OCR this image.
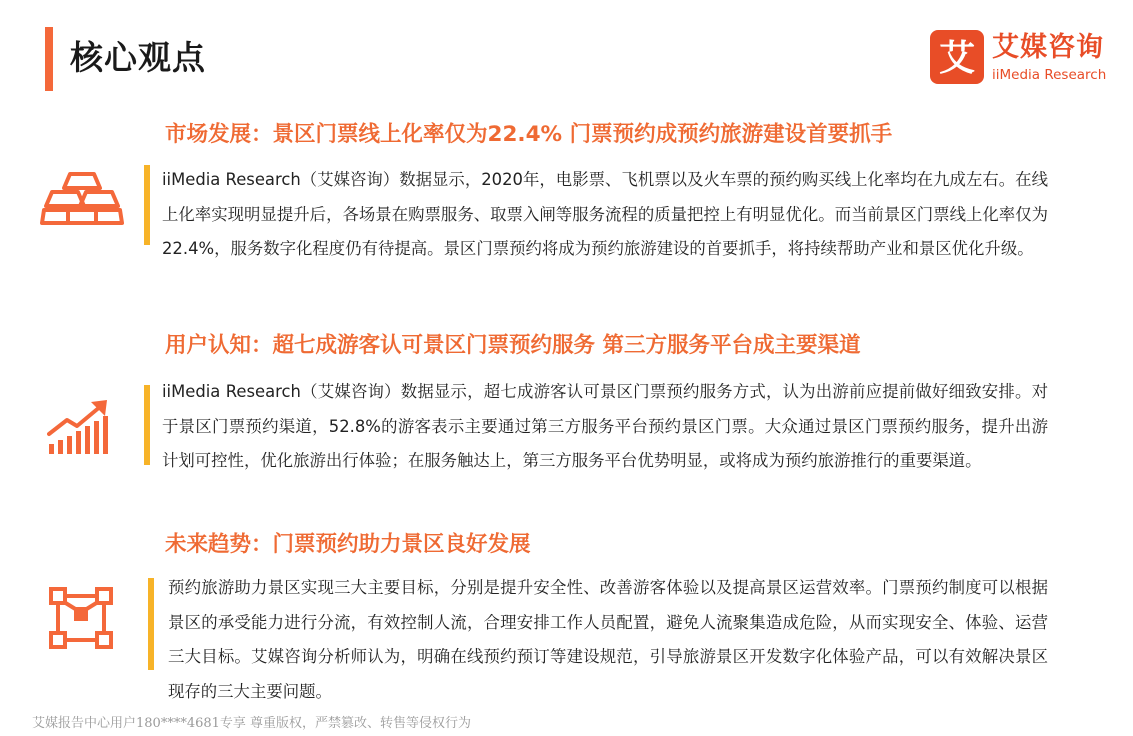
核心观点	艾 艾媒咨询
iiMedia Research
市场发展：景区门票线上化率仅为22.4% 门票预约成预约旅游建设首要抓手

iiMedia Research（艾媒咨询）数据显示，2020年，电影票、飞机票以及火车票的预约购买线上化率均在九成左右。在线上化率实现明显提升后，各场景在购票服务、取票入闸等服务流程的质量把控上有明显优化。而当前景区门票线上化率仅为22.4%，服务数字化程度仍有待提高。景区门票预约将成为预约旅游建设的首要抓手，将持续帮助产业和景区优化升级。

用户认知：超七成游客认可景区门票预约服务 第三方服务平台成主要渠道

iiMedia Research（艾媒咨询）数据显示，超七成游客认可景区门票预约服务方式，认为出游前应提前做好细致安排。对于景区门票预约渠道，52.8%的游客表示主要通过第三方服务平台预约景区门票。大众通过景区门票预约服务，提升出游计划可控性，优化旅游出行体验；在服务触达上，第三方服务平台优势明显，或将成为预约旅游推行的重要渠道。

未来趋势：门票预约助力景区良好发展

预约旅游助力景区实现三大主要目标，分别是提升安全性、改善游客体验以及提高景区运营效率。门票预约制度可以根据景区的承受能力进行分流，有效控制人流，合理安排工作人员配置，避免人流聚集造成危险，从而实现安全、体验、运营三大目标。艾媒咨询分析师认为，明确在线预约预订等建设规范，引导旅游景区开发数字化体验产品，可以有效解决景区现存的三大主要问题。

艾媒报告中心用户180****4681专享 尊重版权，严禁篡改、转售等侵权行为
